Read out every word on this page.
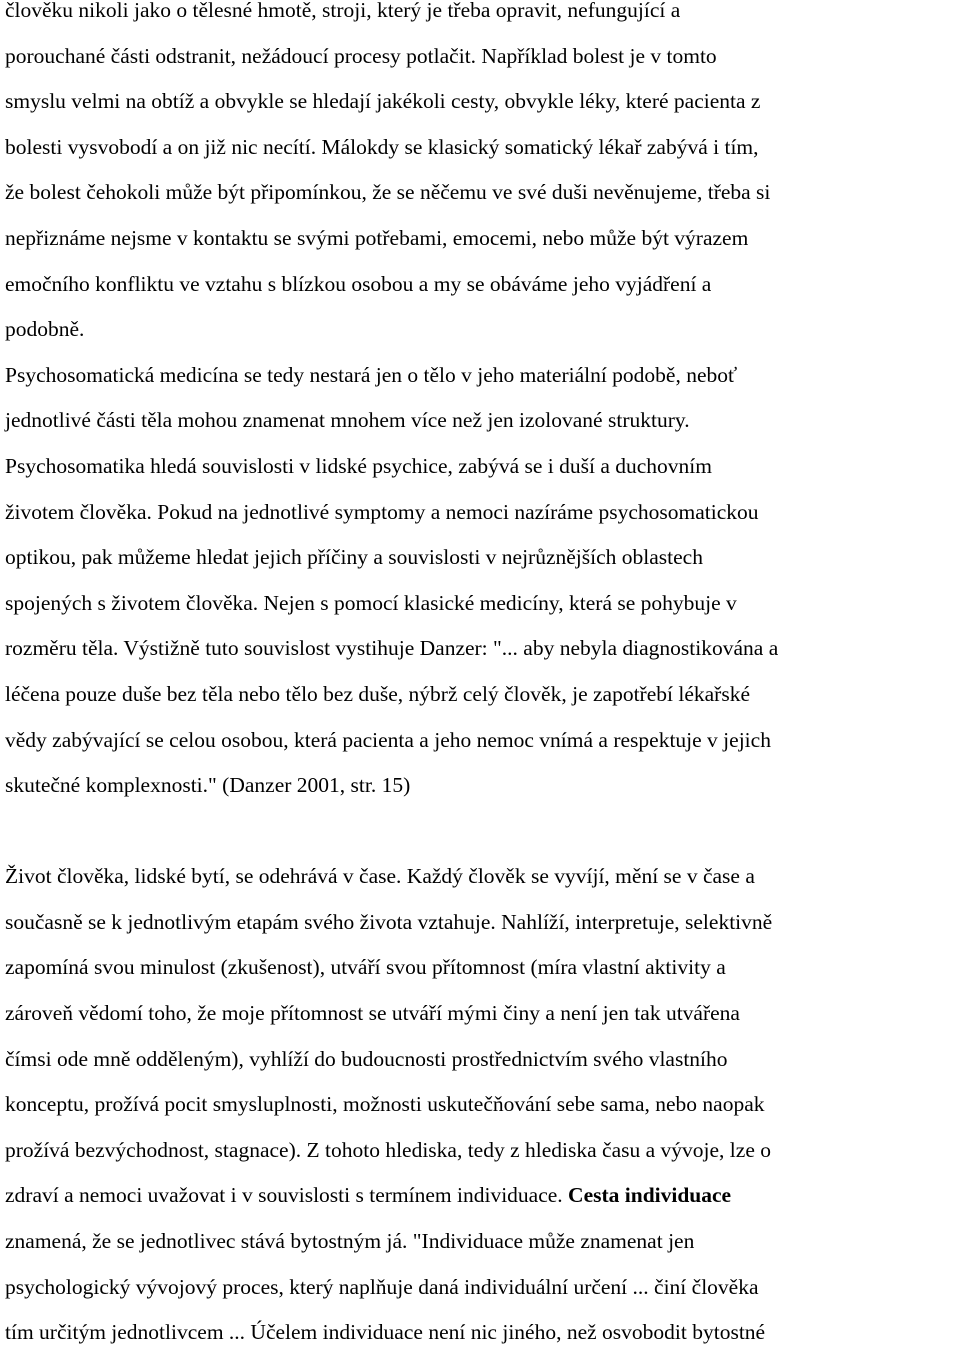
člověku nikoli jako o tělesné hmotě, stroji, který je třeba opravit, nefungující a
porouchané části odstranit, nežádoucí procesy potlačit. Například bolest je v tomto
smyslu velmi na obtíž a obvykle se hledají jakékoli cesty, obvykle léky, které pacienta z
bolesti vysvobodí a on již nic necítí. Málokdy se klasický somatický lékař zabývá i tím,
že bolest čehokoli může být připomínkou, že se něčemu ve své duši nevěnujeme, třeba si
nepřiznáme nejsme v kontaktu se svými potřebami, emocemi, nebo může být výrazem
emočního konfliktu ve vztahu s blízkou osobou a my se obáváme jeho vyjádření a
podobně.
Psychosomatická medicína se tedy nestará jen o tělo v jeho materiální podobě, neboť
jednotlivé části těla mohou znamenat mnohem více než jen izolované struktury.
Psychosomatika hledá souvislosti v lidské psychice, zabývá se i duší a duchovním
životem člověka. Pokud na jednotlivé symptomy a nemoci nazíráme psychosomatickou
optikou, pak můžeme hledat jejich příčiny a souvislosti v nejrůznějších oblastech
spojených s životem člověka. Nejen s pomocí klasické medicíny, která se pohybuje v
rozměru těla. Výstižně tuto souvislost vystihuje Danzer: "... aby nebyla diagnostikována a
léčena pouze duše bez těla nebo tělo bez duše, nýbrž celý člověk, je zapotřebí lékařské
vědy zabývající se celou osobou, která pacienta a jeho nemoc vnímá a respektuje v jejich
skutečné komplexnosti." (Danzer 2001, str. 15)
Život člověka, lidské bytí, se odehrává v čase. Každý člověk se vyvíjí, mění se v čase a
současně se k jednotlivým etapám svého života vztahuje. Nahlíží, interpretuje, selektivně
zapomíná svou minulost (zkušenost), utváří svou přítomnost (míra vlastní aktivity a
zároveň vědomí toho, že moje přítomnost se utváří mými činy a není jen tak utvářena
čímsi ode mně odděleným), vyhlíží do budoucnosti prostřednictvím svého vlastního
konceptu, prožívá pocit smysluplnosti, možnosti uskutečňování sebe sama, nebo naopak
prožívá bezvýchodnost, stagnace). Z tohoto hlediska, tedy z hlediska času a vývoje, lze o
zdraví a nemoci uvažovat i v souvislosti s termínem individuace. Cesta individuace
znamená, že se jednotlivec stává bytostným já. "Individuace může znamenat jen
psychologický vývojový proces, který naplňuje daná individuální určení ... činí člověka
tím určitým jednotlivcem ... Účelem individuace není nic jiného, než osvobodit bytostné
